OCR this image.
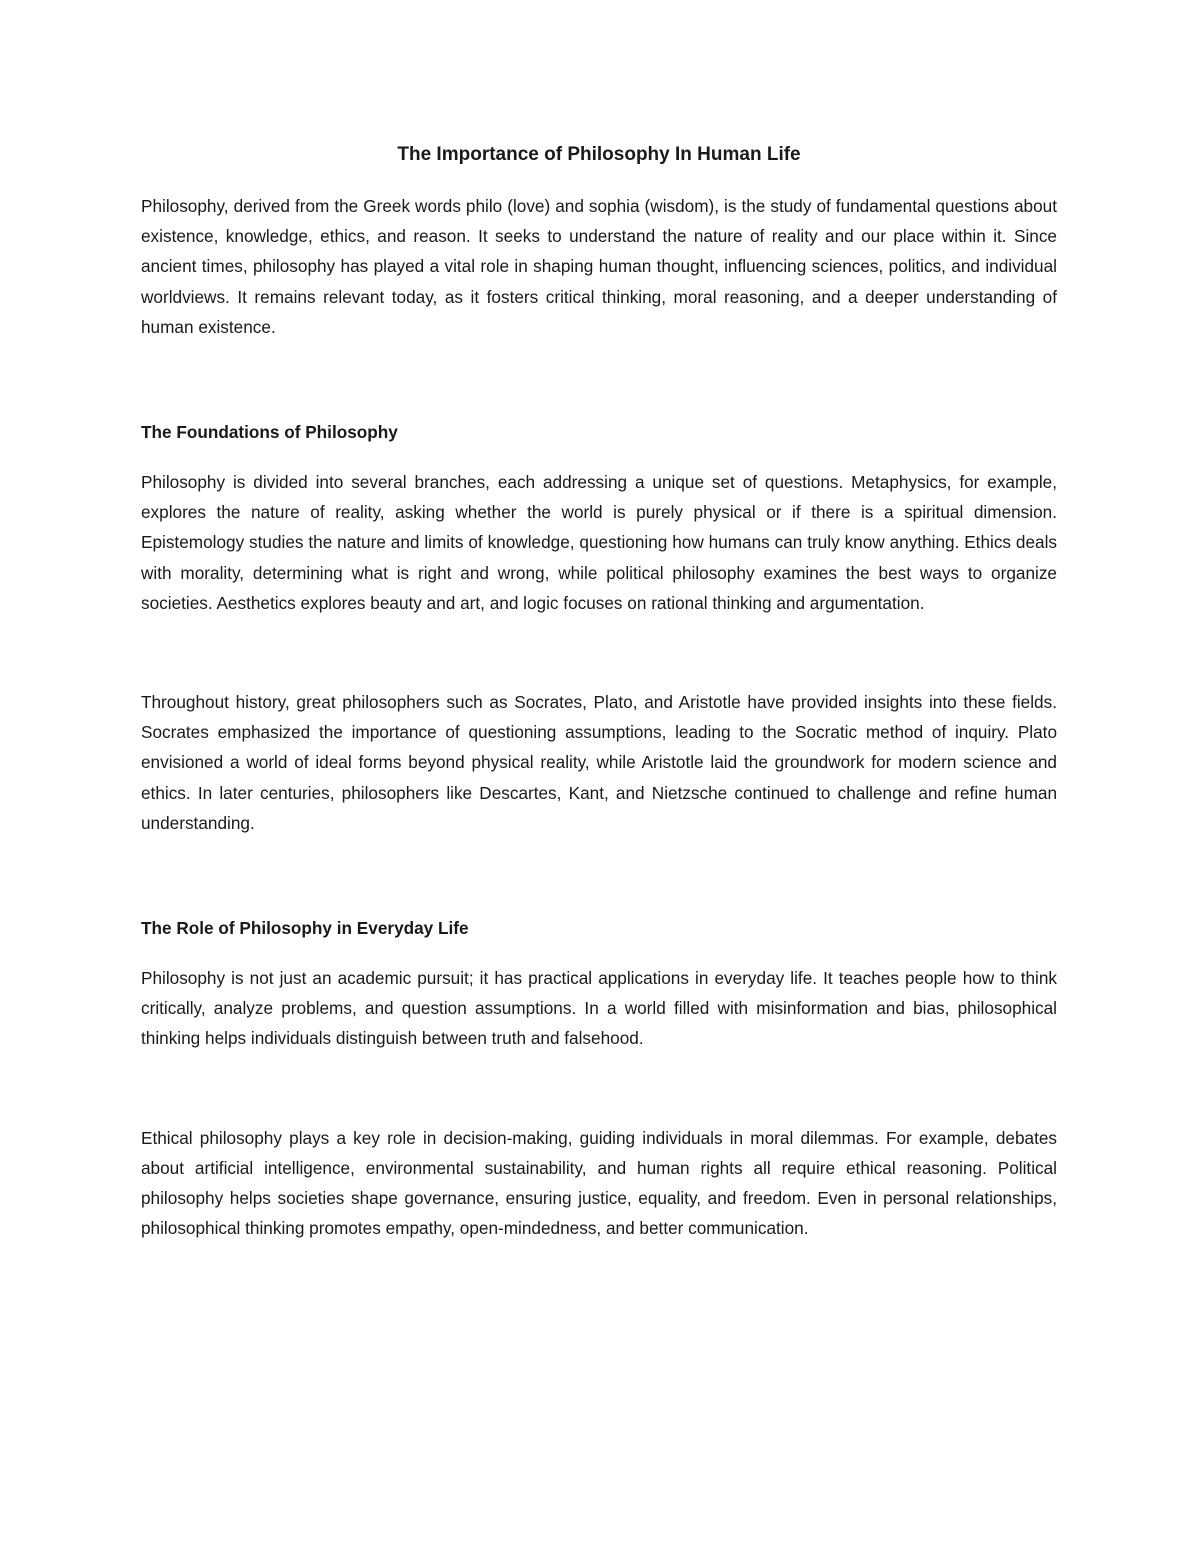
The Importance of Philosophy In Human Life

Philosophy, derived from the Greek words philo (love) and sophia (wisdom), is the study of fundamental questions about existence, knowledge, ethics, and reason. It seeks to understand the nature of reality and our place within it. Since ancient times, philosophy has played a vital role in shaping human thought, influencing sciences, politics, and individual worldviews. It remains relevant today, as it fosters critical thinking, moral reasoning, and a deeper understanding of human existence.

The Foundations of Philosophy

Philosophy is divided into several branches, each addressing a unique set of questions. Metaphysics, for example, explores the nature of reality, asking whether the world is purely physical or if there is a spiritual dimension. Epistemology studies the nature and limits of knowledge, questioning how humans can truly know anything. Ethics deals with morality, determining what is right and wrong, while political philosophy examines the best ways to organize societies. Aesthetics explores beauty and art, and logic focuses on rational thinking and argumentation.

Throughout history, great philosophers such as Socrates, Plato, and Aristotle have provided insights into these fields. Socrates emphasized the importance of questioning assumptions, leading to the Socratic method of inquiry. Plato envisioned a world of ideal forms beyond physical reality, while Aristotle laid the groundwork for modern science and ethics. In later centuries, philosophers like Descartes, Kant, and Nietzsche continued to challenge and refine human understanding.

The Role of Philosophy in Everyday Life

Philosophy is not just an academic pursuit; it has practical applications in everyday life. It teaches people how to think critically, analyze problems, and question assumptions. In a world filled with misinformation and bias, philosophical thinking helps individuals distinguish between truth and falsehood.

Ethical philosophy plays a key role in decision-making, guiding individuals in moral dilemmas. For example, debates about artificial intelligence, environmental sustainability, and human rights all require ethical reasoning. Political philosophy helps societies shape governance, ensuring justice, equality, and freedom. Even in personal relationships, philosophical thinking promotes empathy, open-mindedness, and better communication.
